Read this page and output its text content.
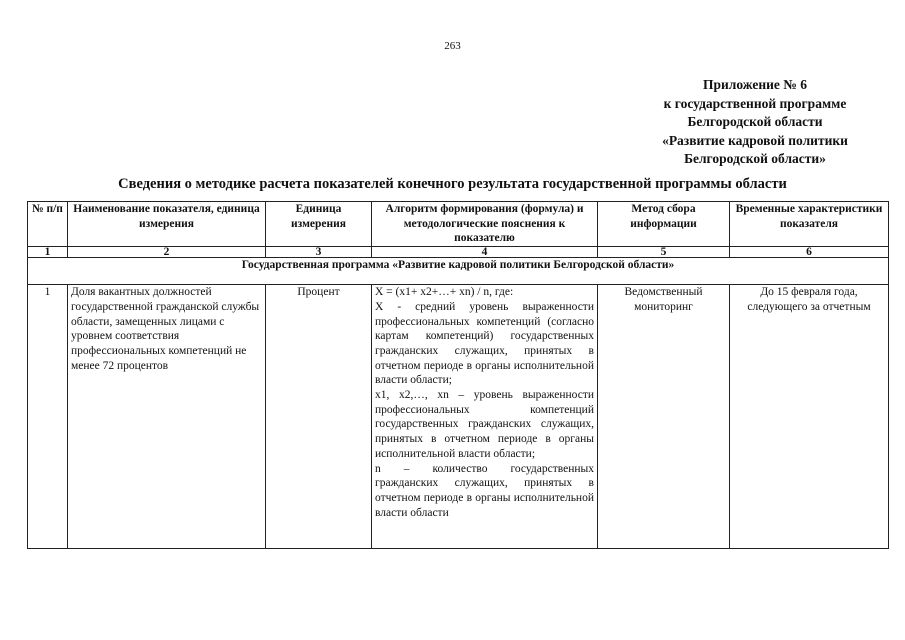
263
Приложение № 6
к государственной программе
Белгородской области
«Развитие кадровой политики
Белгородской области»
Сведения о методике расчета показателей конечного результата государственной программы области
№ п/п	Наименование показателя, единица измерения	Единица измерения	Алгоритм формирования (формула) и методологические пояснения к показателю	Метод сбора информации	Временные характеристики показателя
1	2	3	4	5	6
Государственная программа «Развитие кадровой политики Белгородской области»					
1	Доля вакантных должностей государственной гражданской службы области, замещенных лицами с уровнем соответствия профессиональных компетенций не менее 72 процентов	Процент	X = (x1+ x2+…+ xn) / n, где:
X - средний уровень выраженности профессиональных компетенций (согласно картам компетенций) государственных гражданских служащих, принятых в отчетном периоде в органы исполнительной власти области;
x1, x2,…, xn – уровень выраженности профессиональных компетенций государственных гражданских служащих, принятых в отчетном периоде в органы исполнительной власти области;
n – количество государственных гражданских служащих, принятых в отчетном периоде в органы исполнительной власти области	Ведомственный мониторинг	До 15 февраля года, следующего за отчетным
